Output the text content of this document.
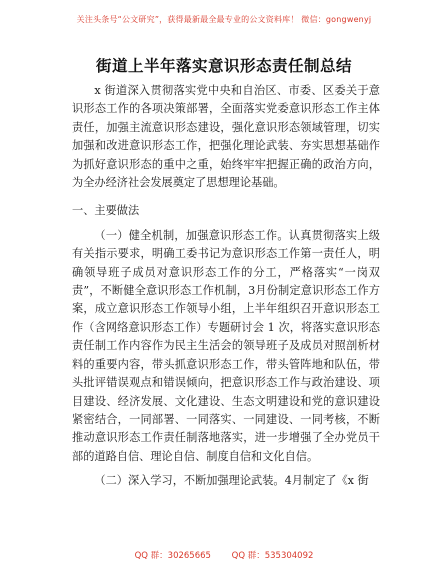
关注头条号“公文研究”，获得最新最全最专业的公文资料库！ 微信：gongwenyj
街道上半年落实意识形态责任制总结

x 街道深入贯彻落实党中央和自治区、市委、区委关于意识形态工作的各项决策部署，全面落实党委意识形态工作主体责任，加强主流意识形态建设，强化意识形态领域管理，切实加强和改进意识形态工作，把强化理论武装、夯实思想基础作为抓好意识形态的重中之重，始终牢牢把握正确的政治方向，为全办经济社会发展奠定了思想理论基础。

一、主要做法

（一）健全机制，加强意识形态工作。认真贯彻落实上级有关指示要求，明确工委书记为意识形态工作第一责任人，明确领导班子成员对意识形态工作的分工，严格落实“一岗双责”，不断健全意识形态工作机制，3月份制定意识形态工作方案，成立意识形态工作领导小组，上半年组织召开意识形态工作（含网络意识形态工作）专题研讨会 1 次，将落实意识形态责任制工作内容作为民主生活会的领导班子及成员对照剖析材料的重要内容，带头抓意识形态工作，带头管阵地和队伍，带头批评错误观点和错误倾向，把意识形态工作与政治建设、项目建设、经济发展、文化建设、生态文明建设和党的意识建设紧密结合，一同部署、一同落实、一同建设、一同考核，不断推动意识形态工作责任制落地落实，进一步增强了全办党员干部的道路自信、理论自信、制度自信和文化自信。

（二）深入学习，不断加强理论武装。4月制定了《x 街

QQ 群：30265665 QQ 群：535304092
